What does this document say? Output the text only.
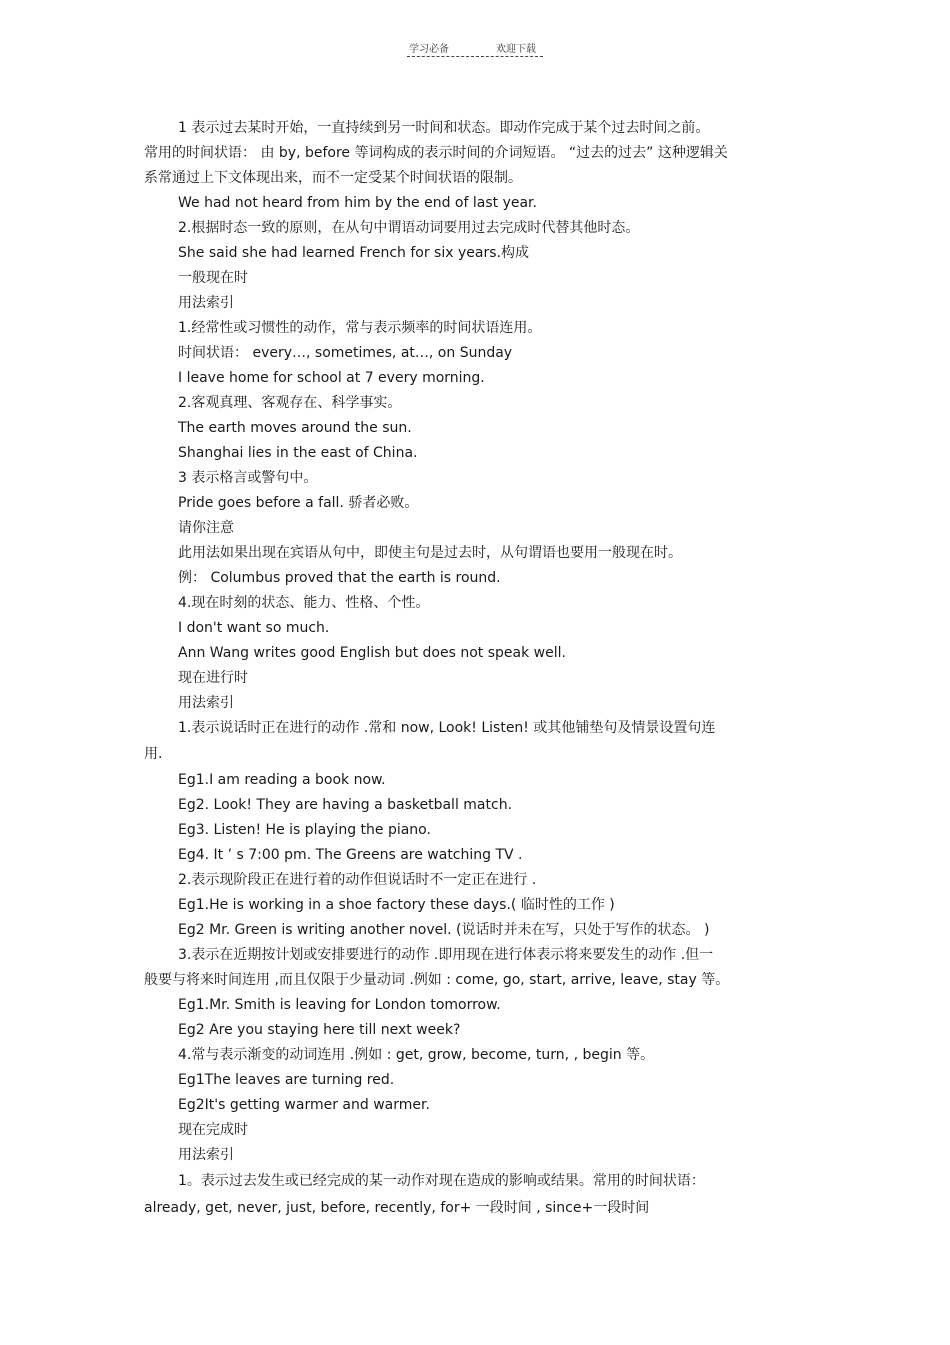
学习必备	欢迎下载
1 表示过去某时开始，一直持续到另一时间和状态。即动作完成于某个过去时间之前。
常用的时间状语： 由 by, before 等词构成的表示时间的介词短语。 “过去的过去” 这种逻辑关
系常通过上下文体现出来，而不一定受某个时间状语的限制。
We had not heard from him by the end of last year.
2.根据时态一致的原则，在从句中谓语动词要用过去完成时代替其他时态。
She said she had learned French for six years.构成
一般现在时
用法索引
1.经常性或习惯性的动作，常与表示频率的时间状语连用。
时间状语： every…, sometimes, at…, on Sunday
I leave home for school at 7 every morning.
2.客观真理、客观存在、科学事实。
The earth moves around the sun.
Shanghai lies in the east of China.
3 表示格言或警句中。
Pride goes before a fall. 骄者必败。
请你注意
此用法如果出现在宾语从句中，即使主句是过去时，从句谓语也要用一般现在时。
例： Columbus proved that the earth is round.
4.现在时刻的状态、能力、性格、个性。
I don't want so much.
Ann Wang writes good English but does not speak well.
现在进行时
用法索引
1.表示说话时正在进行的动作 .常和 now, Look! Listen! 或其他铺垫句及情景设置句连
用.
Eg1.I am reading a book now.
Eg2. Look! They are having a basketball match.
Eg3. Listen! He is playing the piano.
Eg4. It ’ s 7:00 pm. The Greens are watching TV .
2.表示现阶段正在进行着的动作但说话时不一定正在进行 .
Eg1.He is working in a shoe factory these days.( 临时性的工作 )
Eg2 Mr. Green is writing another novel. (说话时并未在写，只处于写作的状态。 )
3.表示在近期按计划或安排要进行的动作 .即用现在进行体表示将来要发生的动作 .但一
般要与将来时间连用 ,而且仅限于少量动词 .例如 : come, go, start, arrive, leave, stay 等。
Eg1.Mr. Smith is leaving for London tomorrow.
Eg2 Are you staying here till next week?
4.常与表示渐变的动词连用 .例如 : get, grow, become, turn, , begin 等。
Eg1The leaves are turning red.
Eg2It's getting warmer and warmer.
现在完成时
用法索引
1。表示过去发生或已经完成的某一动作对现在造成的影响或结果。常用的时间状语：
already, get, never, just, before, recently, for+ 一段时间 , since+一段时间
